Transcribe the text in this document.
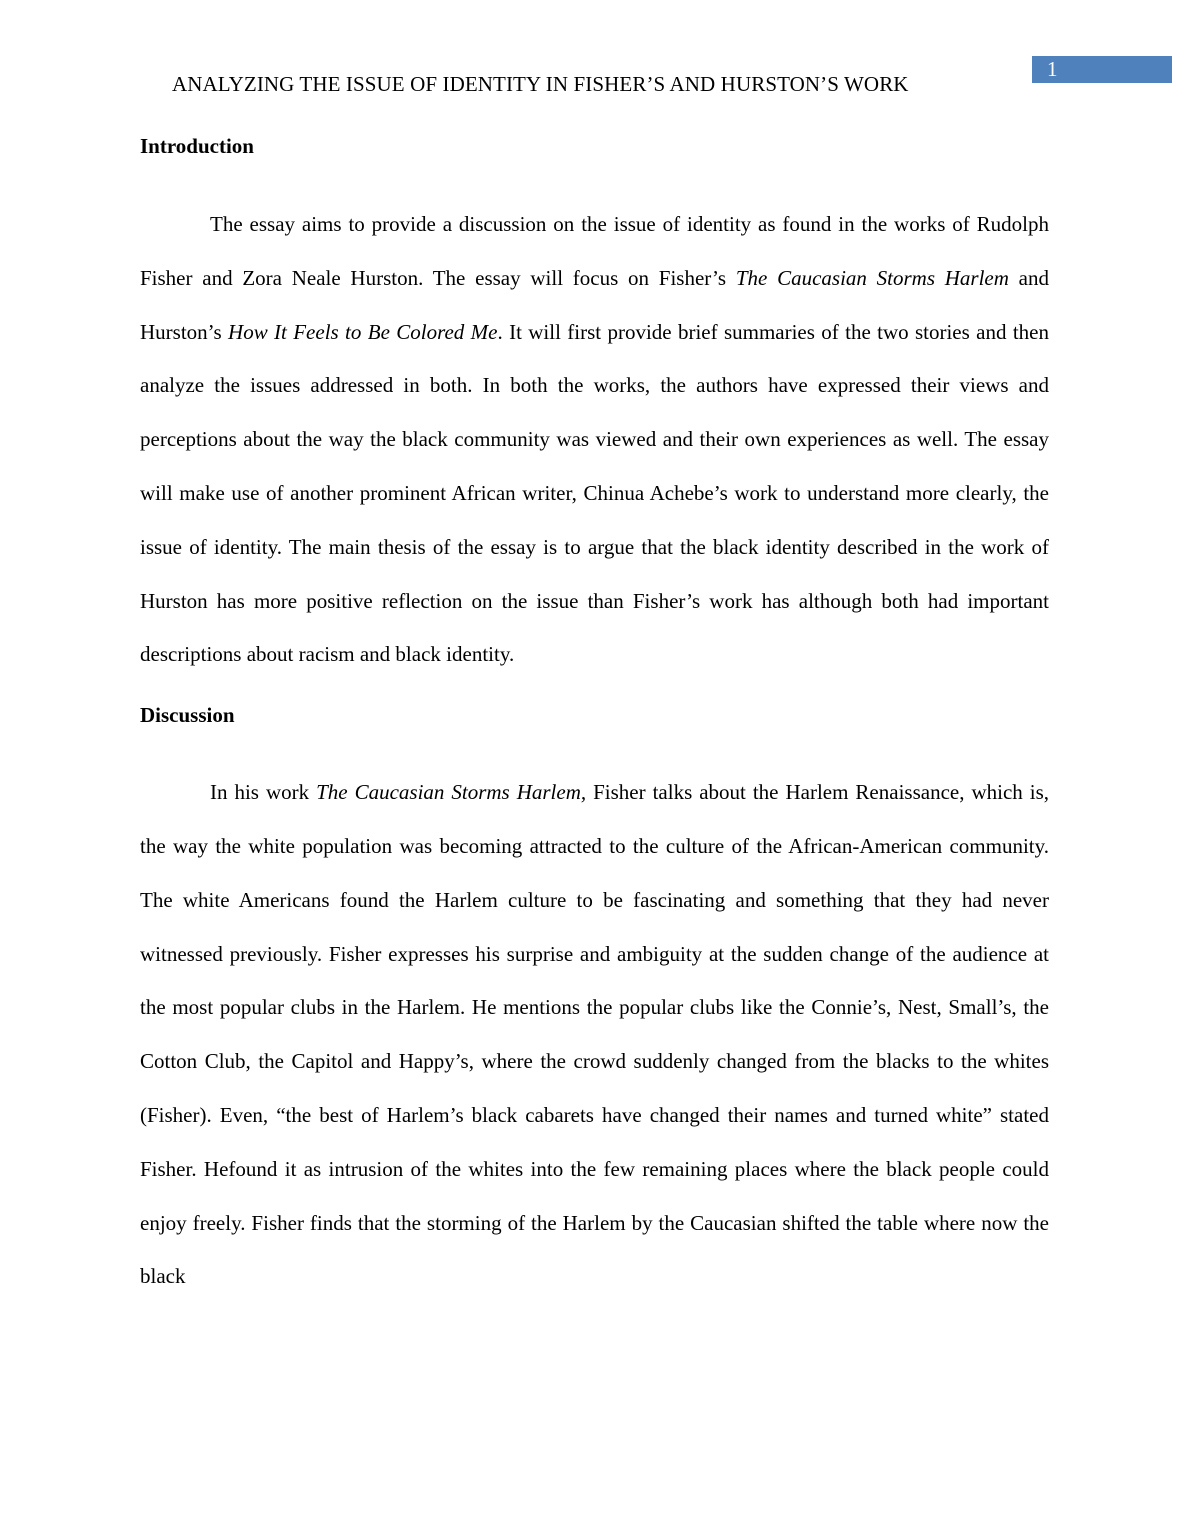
ANALYZING THE ISSUE OF IDENTITY IN FISHER’S AND HURSTON’S WORK
1
Introduction

The essay aims to provide a discussion on the issue of identity as found in the works of Rudolph Fisher and Zora Neale Hurston. The essay will focus on Fisher’s The Caucasian Storms Harlem and Hurston’s How It Feels to Be Colored Me. It will first provide brief summaries of the two stories and then analyze the issues addressed in both. In both the works, the authors have expressed their views and perceptions about the way the black community was viewed and their own experiences as well. The essay will make use of another prominent African writer, Chinua Achebe’s work to understand more clearly, the issue of identity. The main thesis of the essay is to argue that the black identity described in the work of Hurston has more positive reflection on the issue than Fisher’s work has although both had important descriptions about racism and black identity.

Discussion

In his work The Caucasian Storms Harlem, Fisher talks about the Harlem Renaissance, which is, the way the white population was becoming attracted to the culture of the African-American community. The white Americans found the Harlem culture to be fascinating and something that they had never witnessed previously. Fisher expresses his surprise and ambiguity at the sudden change of the audience at the most popular clubs in the Harlem. He mentions the popular clubs like the Connie’s, Nest, Small’s, the Cotton Club, the Capitol and Happy’s, where the crowd suddenly changed from the blacks to the whites (Fisher). Even, “the best of Harlem’s black cabarets have changed their names and turned white” stated Fisher. Hefound it as intrusion of the whites into the few remaining places where the black people could enjoy freely. Fisher finds that the storming of the Harlem by the Caucasian shifted the table where now the black
